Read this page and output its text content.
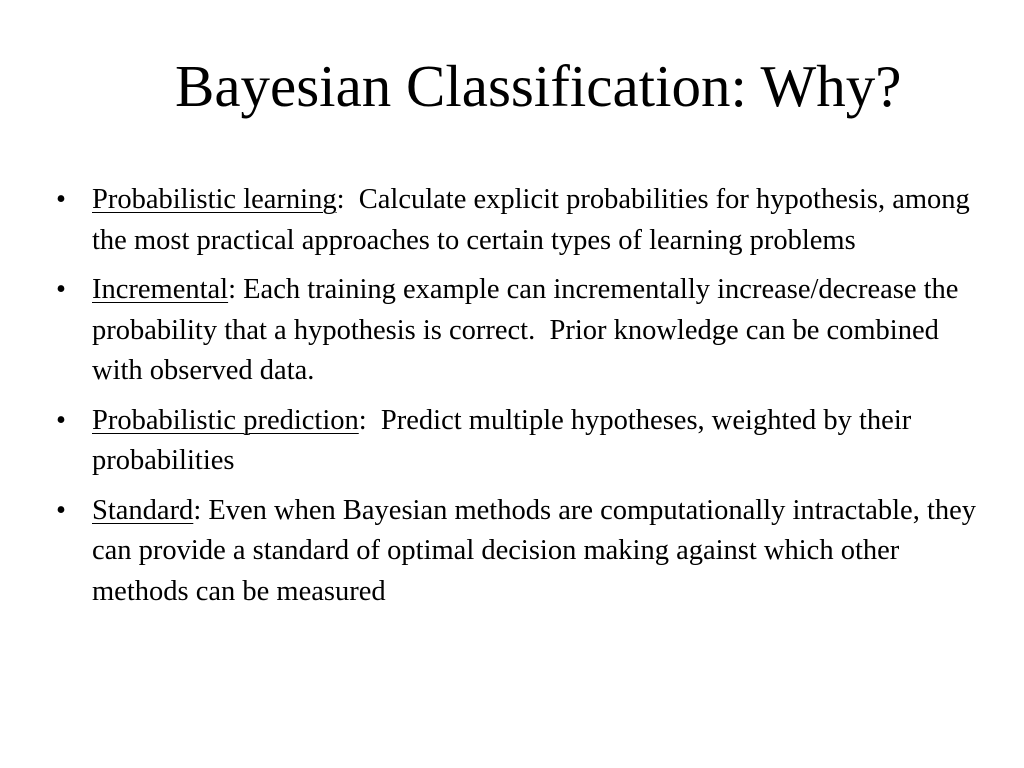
Bayesian Classification: Why?
• Probabilistic learning:  Calculate explicit probabilities for hypothesis, among the most practical approaches to certain types of learning problems
• Incremental: Each training example can incrementally increase/decrease the probability that a hypothesis is correct.  Prior knowledge can be combined with observed data.
• Probabilistic prediction:  Predict multiple hypotheses, weighted by their probabilities
• Standard: Even when Bayesian methods are computationally intractable, they can provide a standard of optimal decision making against which other methods can be measured
